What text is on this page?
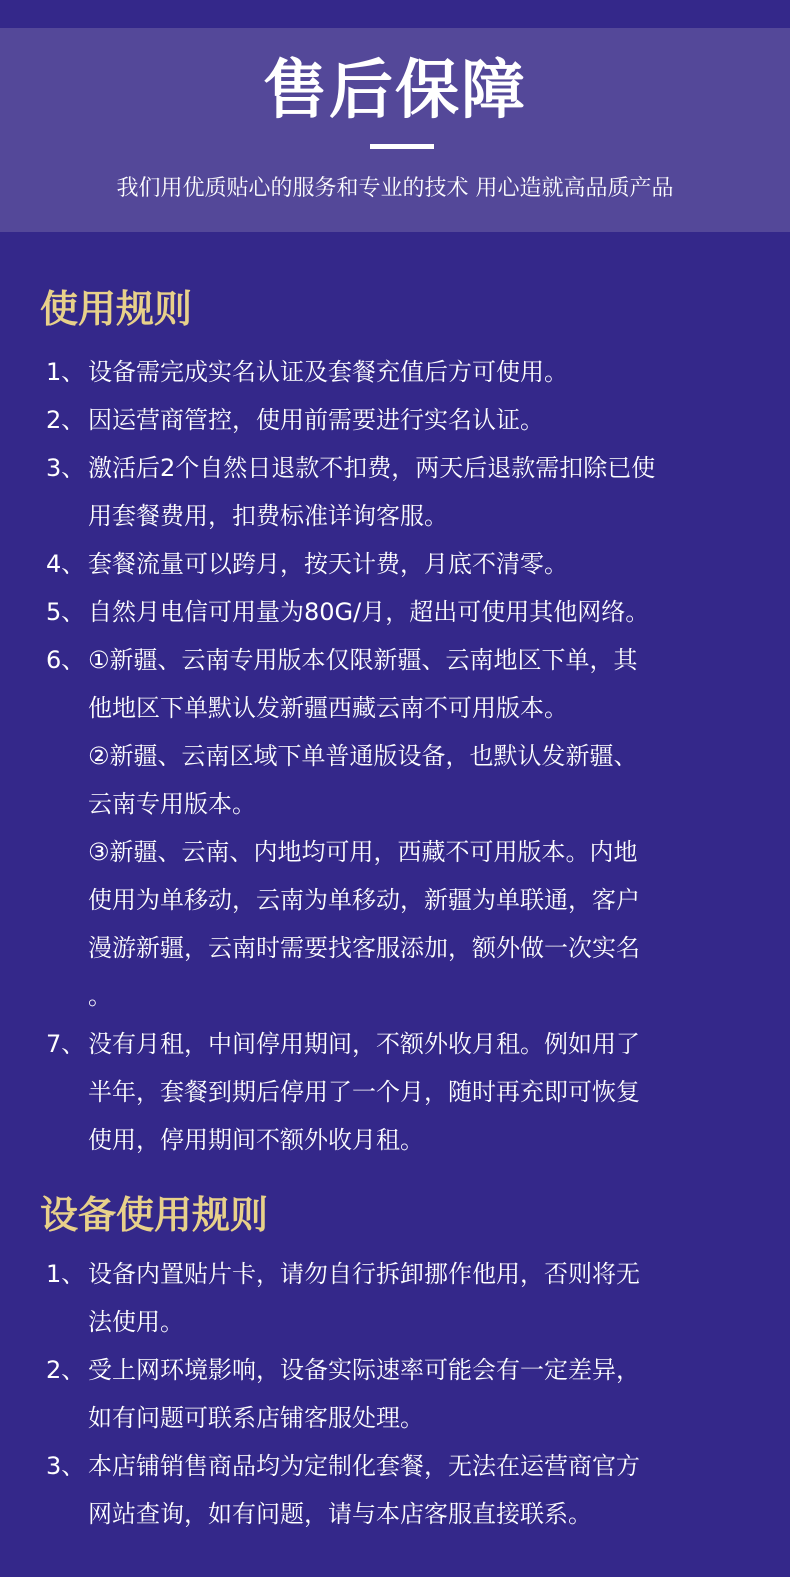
售后保障
我们用优质贴心的服务和专业的技术 用心造就高品质产品
使用规则
1、 设备需完成实名认证及套餐充值后方可使用。
2、 因运营商管控，使用前需要进行实名认证。
3、 激活后2个自然日退款不扣费，两天后退款需扣除已使
用套餐费用，扣费标准详询客服。
4、 套餐流量可以跨月，按天计费，月底不清零。
5、 自然月电信可用量为80G/月，超出可使用其他网络。
6、 ①新疆、云南专用版本仅限新疆、云南地区下单，其
他地区下单默认发新疆西藏云南不可用版本。
②新疆、云南区域下单普通版设备，也默认发新疆、
云南专用版本。
③新疆、云南、内地均可用，西藏不可用版本。内地
使用为单移动，云南为单移动，新疆为单联通，客户
漫游新疆，云南时需要找客服添加，额外做一次实名
。
7、 没有月租，中间停用期间，不额外收月租。例如用了
半年，套餐到期后停用了一个月，随时再充即可恢复
使用，停用期间不额外收月租。
设备使用规则
1、 设备内置贴片卡，请勿自行拆卸挪作他用，否则将无
法使用。
2、 受上网环境影响，设备实际速率可能会有一定差异，
如有问题可联系店铺客服处理。
3、 本店铺销售商品均为定制化套餐，无法在运营商官方
网站查询，如有问题，请与本店客服直接联系。
